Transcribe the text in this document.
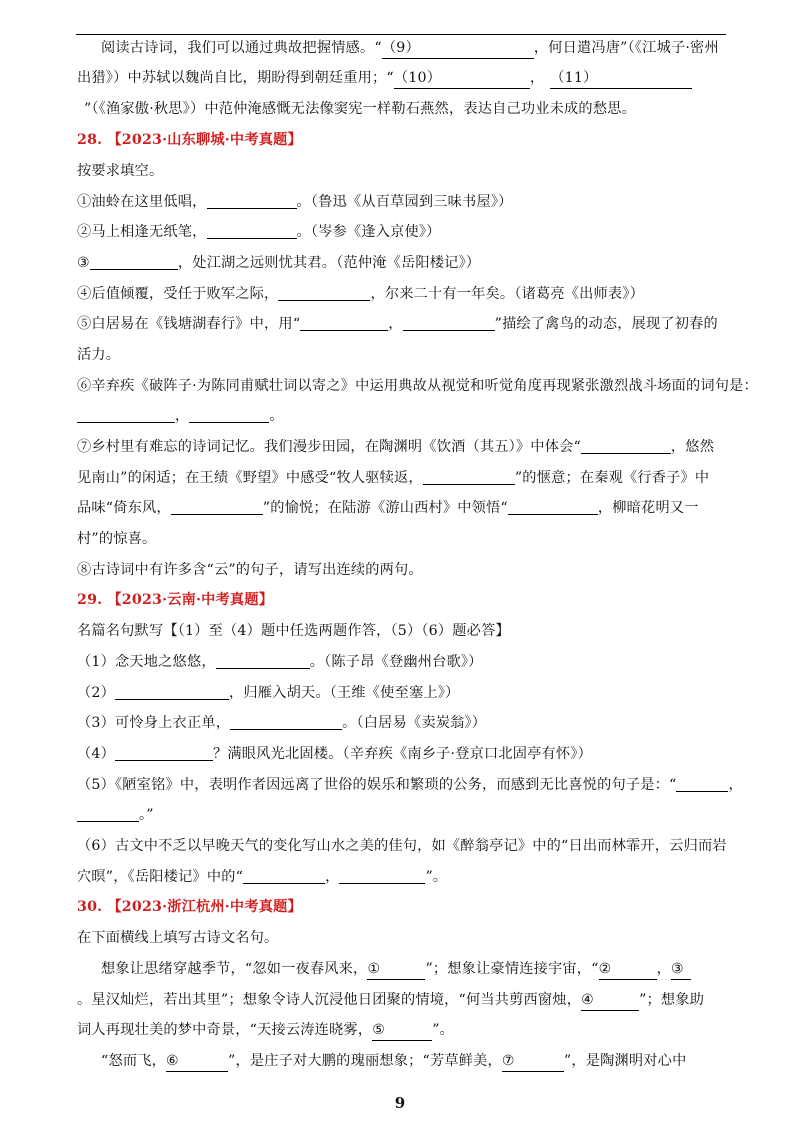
阅读古诗词，我们可以通过典故把握情感。“（9）	，何日遣冯唐”（《江城子·密州
出猎》）中苏轼以魏尚自比，期盼得到朝廷重用；“（10）	， （11）
”（《渔家傲·秋思》）中范仲淹感慨无法像窦宪一样勒石燕然，表达自己功业未成的愁思。
28. 【2023·山东聊城·中考真题】
按要求填空。
①油蛉在这里低唱，	。（鲁迅《从百草园到三味书屋》）
②马上相逢无纸笔，	。（岑参《逢入京使》）
③	，处江湖之远则忧其君。（范仲淹《岳阳楼记》）
④后值倾覆，受任于败军之际，	，尔来二十有一年矣。（诸葛亮《出师表》）
⑤白居易在《钱塘湖春行》中，用“	，	”描绘了禽鸟的动态，展现了初春的
活力。
⑥辛弃疾《破阵子·为陈同甫赋壮词以寄之》中运用典故从视觉和听觉角度再现紧张激烈战斗场面的词句是：
，	。
⑦乡村里有难忘的诗词记忆。我们漫步田园，在陶渊明《饮酒（其五）》中体会“	，悠然
见南山”的闲适；在王绩《野望》中感受“牧人驱犊返，	”的惬意；在秦观《行香子》中
品味“倚东风，	”的愉悦；在陆游《游山西村》中领悟“	，柳暗花明又一
村”的惊喜。
⑧古诗词中有许多含“云”的句子，请写出连续的两句。
29. 【2023·云南·中考真题】
名篇名句默写【（1）至（4）题中任选两题作答，（5）（6）题必答】
（1）念天地之悠悠，	。（陈子昂《登幽州台歌》）
（2）	，归雁入胡天。（王维《使至塞上》）
（3）可怜身上衣正单，	。（白居易《卖炭翁》）
（4）	？满眼风光北固楼。（辛弃疾《南乡子·登京口北固亭有怀》）
（5）《陋室铭》中，表明作者因远离了世俗的娱乐和繁琐的公务，而感到无比喜悦的句子是：“	，
。”
（6）古文中不乏以早晚天气的变化写山水之美的佳句，如《醉翁亭记》中的“日出而林霏开，云归而岩
穴暝”，《岳阳楼记》中的“	，	”。
30. 【2023·浙江杭州·中考真题】
在下面横线上填写古诗文名句。
想象让思绪穿越季节，“忽如一夜春风来，①	”；想象让豪情连接宇宙，“②	，③
。星汉灿烂，若出其里”；想象令诗人沉浸他日团聚的情境，“何当共剪西窗烛，④	”；想象助
词人再现壮美的梦中奇景，“天接云涛连晓雾，⑤	”。
“怒而飞，⑥	”，是庄子对大鹏的瑰丽想象；“芳草鲜美，⑦	”，是陶渊明对心中
9
